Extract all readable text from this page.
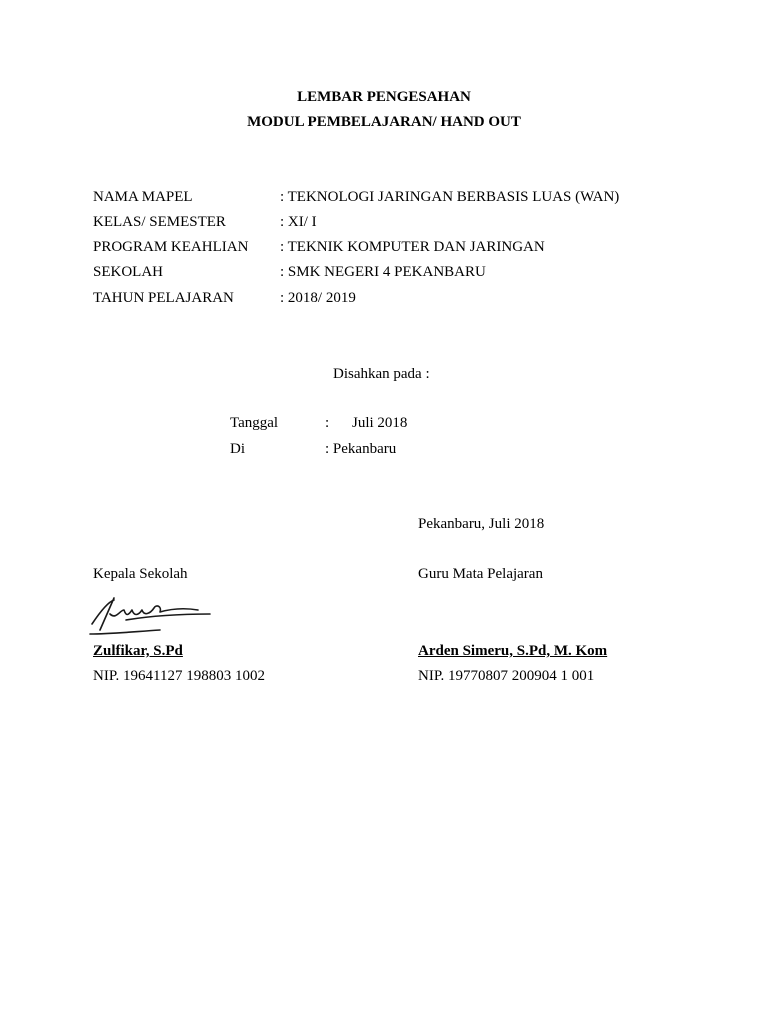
LEMBAR PENGESAHAN
MODUL PEMBELAJARAN/ HAND OUT
NAMA MAPEL	: TEKNOLOGI JARINGAN BERBASIS LUAS (WAN)
KELAS/ SEMESTER	: XI/ I
PROGRAM KEAHLIAN : TEKNIK KOMPUTER DAN JARINGAN
SEKOLAH	: SMK NEGERI 4 PEKANBARU
TAHUN PELAJARAN	: 2018/ 2019
Disahkan pada :
Tanggal	: Juli 2018
Di	: Pekanbaru
Pekanbaru, Juli 2018
Kepala Sekolah
Zulfikar, S.Pd
NIP. 19641127 198803 1002
Guru Mata Pelajaran
Arden Simeru, S.Pd, M. Kom
NIP. 19770807 200904 1 001
